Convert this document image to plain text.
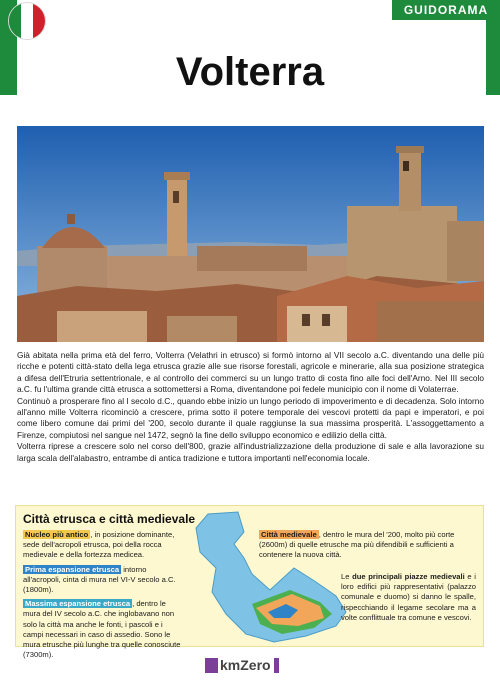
GUIDORAMA
Volterra

Già abitata nella prima età del ferro, Volterra (Velathri in etrusco) si formò intorno al VII secolo a.C. diventando una delle più ricche e potenti città-stato della lega etrusca grazie alle sue risorse forestali, agricole e minerarie, alla sua posizione strategica a difesa dell'Etruria settentrionale, e al controllo dei commerci su un lungo tratto di costa fino alle foci dell'Arno. Nel III secolo a.C. fu l'ultima grande città etrusca a sottomettersi a Roma, diventandone poi fedele municipio con il nome di Volaterrae.

Continuò a prosperare fino al I secolo d.C., quando ebbe inizio un lungo periodo di impoverimento e di decadenza. Solo intorno all'anno mille Volterra ricominciò a crescere, prima sotto il potere temporale dei vescovi protetti da papi e imperatori, e poi come libero comune dai primi del '200, secolo durante il quale raggiunse la sua massima prosperità. L'assoggettamento a Firenze, compiutosi nel sangue nel 1472, segnò la fine dello sviluppo economico e edilizio della città.

Volterra riprese a crescere solo nel corso dell'800, grazie all'industrializzazione della produzione di sale e alla lavorazione su larga scala dell'alabastro, entrambe di antica tradizione e tuttora importanti nell'economia locale.

Città etrusca e città medievale
Nucleo più antico , in posizione dominante, sede dell'acropoli etrusca, poi della rocca medievale e della fortezza medicea.
Prima espansione etrusca intorno all'acropoli, cinta di mura nel VI-V secolo a.C. (1800m).
Massima espansione etrusca , dentro le mura del IV secolo a.C. che inglobavano non solo la città ma anche le fonti, i pascoli e i campi necessari in caso di assedio. Sono le mura etrusche più lunghe tra quelle conosciute (7300m).
Città medievale , dentro le mura del '200, molto più corte (2600m) di quelle etrusche ma più difendibili e sufficienti a contenere la nuova città.
Le due principali piazze medievali e i loro edifici più rappresentativi (palazzo comunale e duomo) si danno le spalle, rispecchiando il legame secolare ma a volte conflittuale tra comune e vescovi.
kmZero
